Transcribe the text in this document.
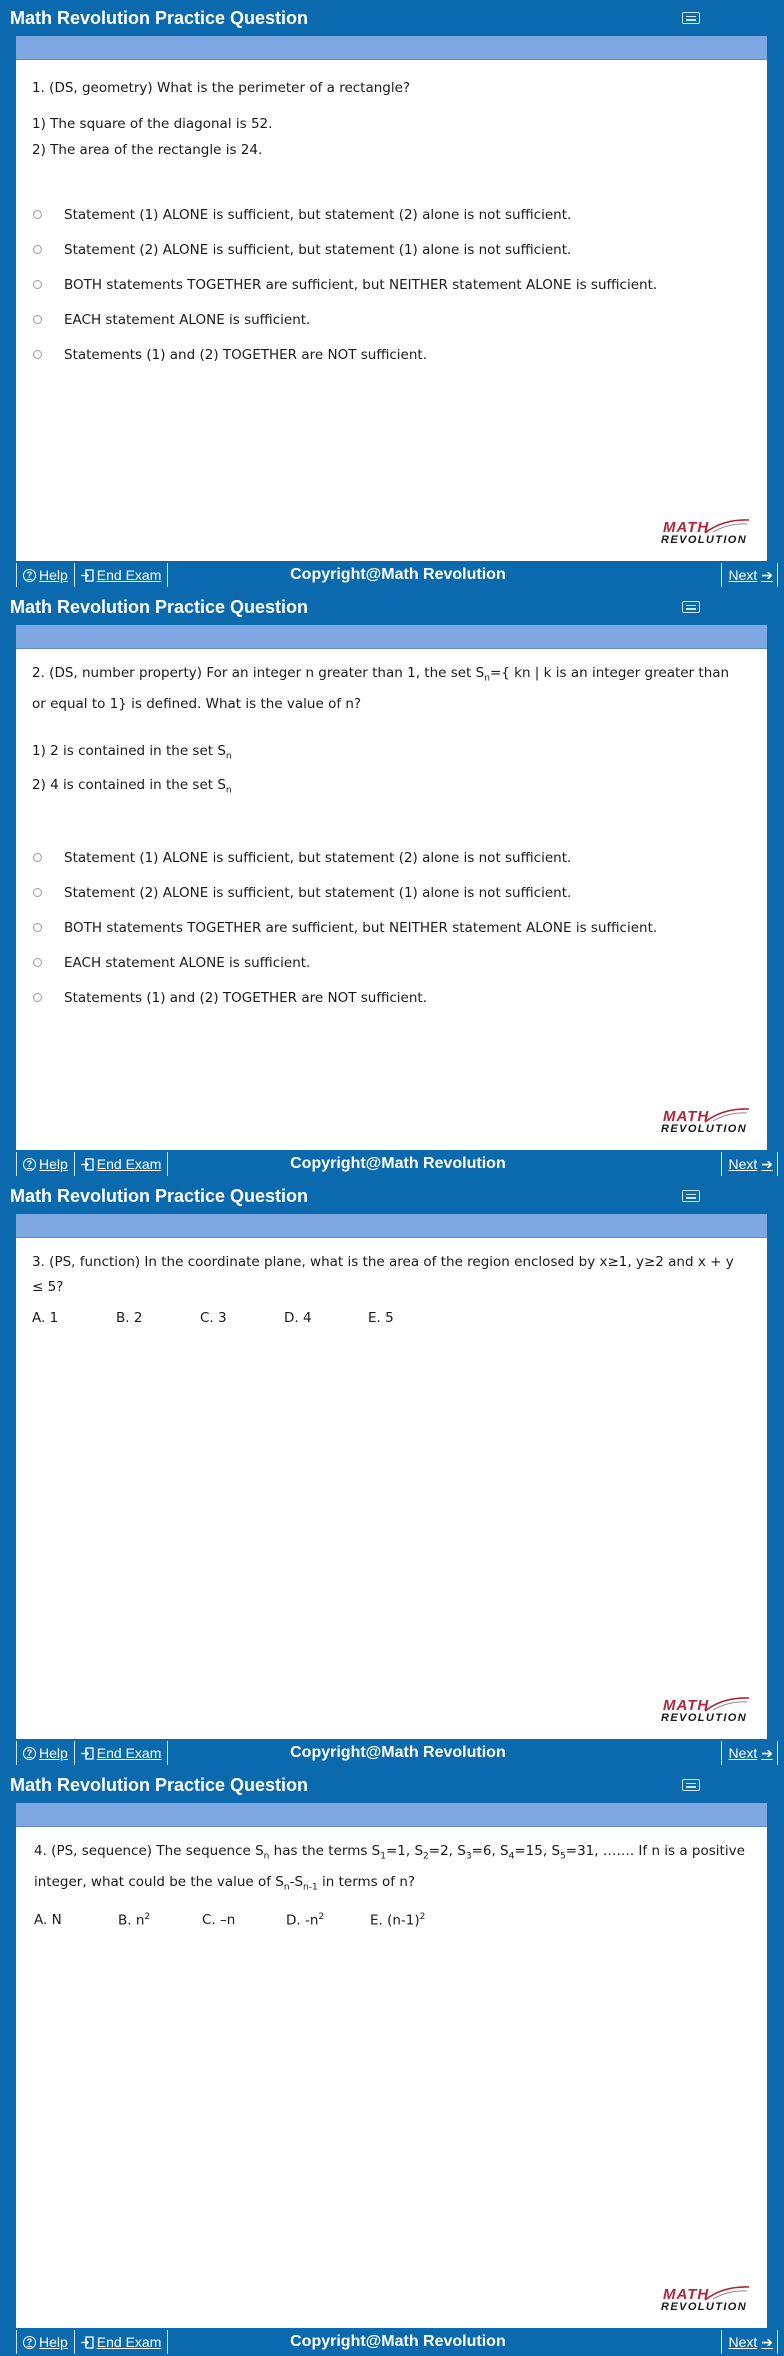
Math Revolution Practice Question
1. (DS, geometry) What is the perimeter of a rectangle?
1) The square of the diagonal is 52.
2) The area of the rectangle is 24.
Statement (1) ALONE is sufficient, but statement (2) alone is not sufficient.
Statement (2) ALONE is sufficient, but statement (1) alone is not sufficient.
BOTH statements TOGETHER are sufficient, but NEITHER statement ALONE is sufficient.
EACH statement ALONE is sufficient.
Statements (1) and (2) TOGETHER are NOT sufficient.
MATH
REVOLUTION
? Help End Exam	Copyright@Math Revolution	Next ➔
Math Revolution Practice Question
2. (DS, number property) For an integer n greater than 1, the set $S_n=${ kn | k is an integer greater than or equal to 1} is defined. What is the value of n?
1) 2 is contained in the set $S_n$
2) 4 is contained in the set $S_n$
Statement (1) ALONE is sufficient, but statement (2) alone is not sufficient.
Statement (2) ALONE is sufficient, but statement (1) alone is not sufficient.
BOTH statements TOGETHER are sufficient, but NEITHER statement ALONE is sufficient.
EACH statement ALONE is sufficient.
Statements (1) and (2) TOGETHER are NOT sufficient.
MATH
REVOLUTION
? Help End Exam	Copyright@Math Revolution	Next ➔
Math Revolution Practice Question
3. (PS, function) In the coordinate plane, what is the area of the region enclosed by x≥1, y≥2 and x + y ≤ 5?
A. 1	B. 2	C. 3	D. 4	E. 5
MATH
REVOLUTION
? Help End Exam	Copyright@Math Revolution	Next ➔
Math Revolution Practice Question
4. (PS, sequence) The sequence $S_n$ has the terms $S_1=1$, $S_2=2$, $S_3=6$, $S_4=15$, $S_5=31$, ……. If n is a positive integer, what could be the value of $S_n-S_{n-1}$ in terms of n?
A. N	B. $n^2$	C. –n	D. $-n^2$	E. $(n-1)^2$
MATH
REVOLUTION
? Help End Exam	Copyright@Math Revolution	Next ➔
